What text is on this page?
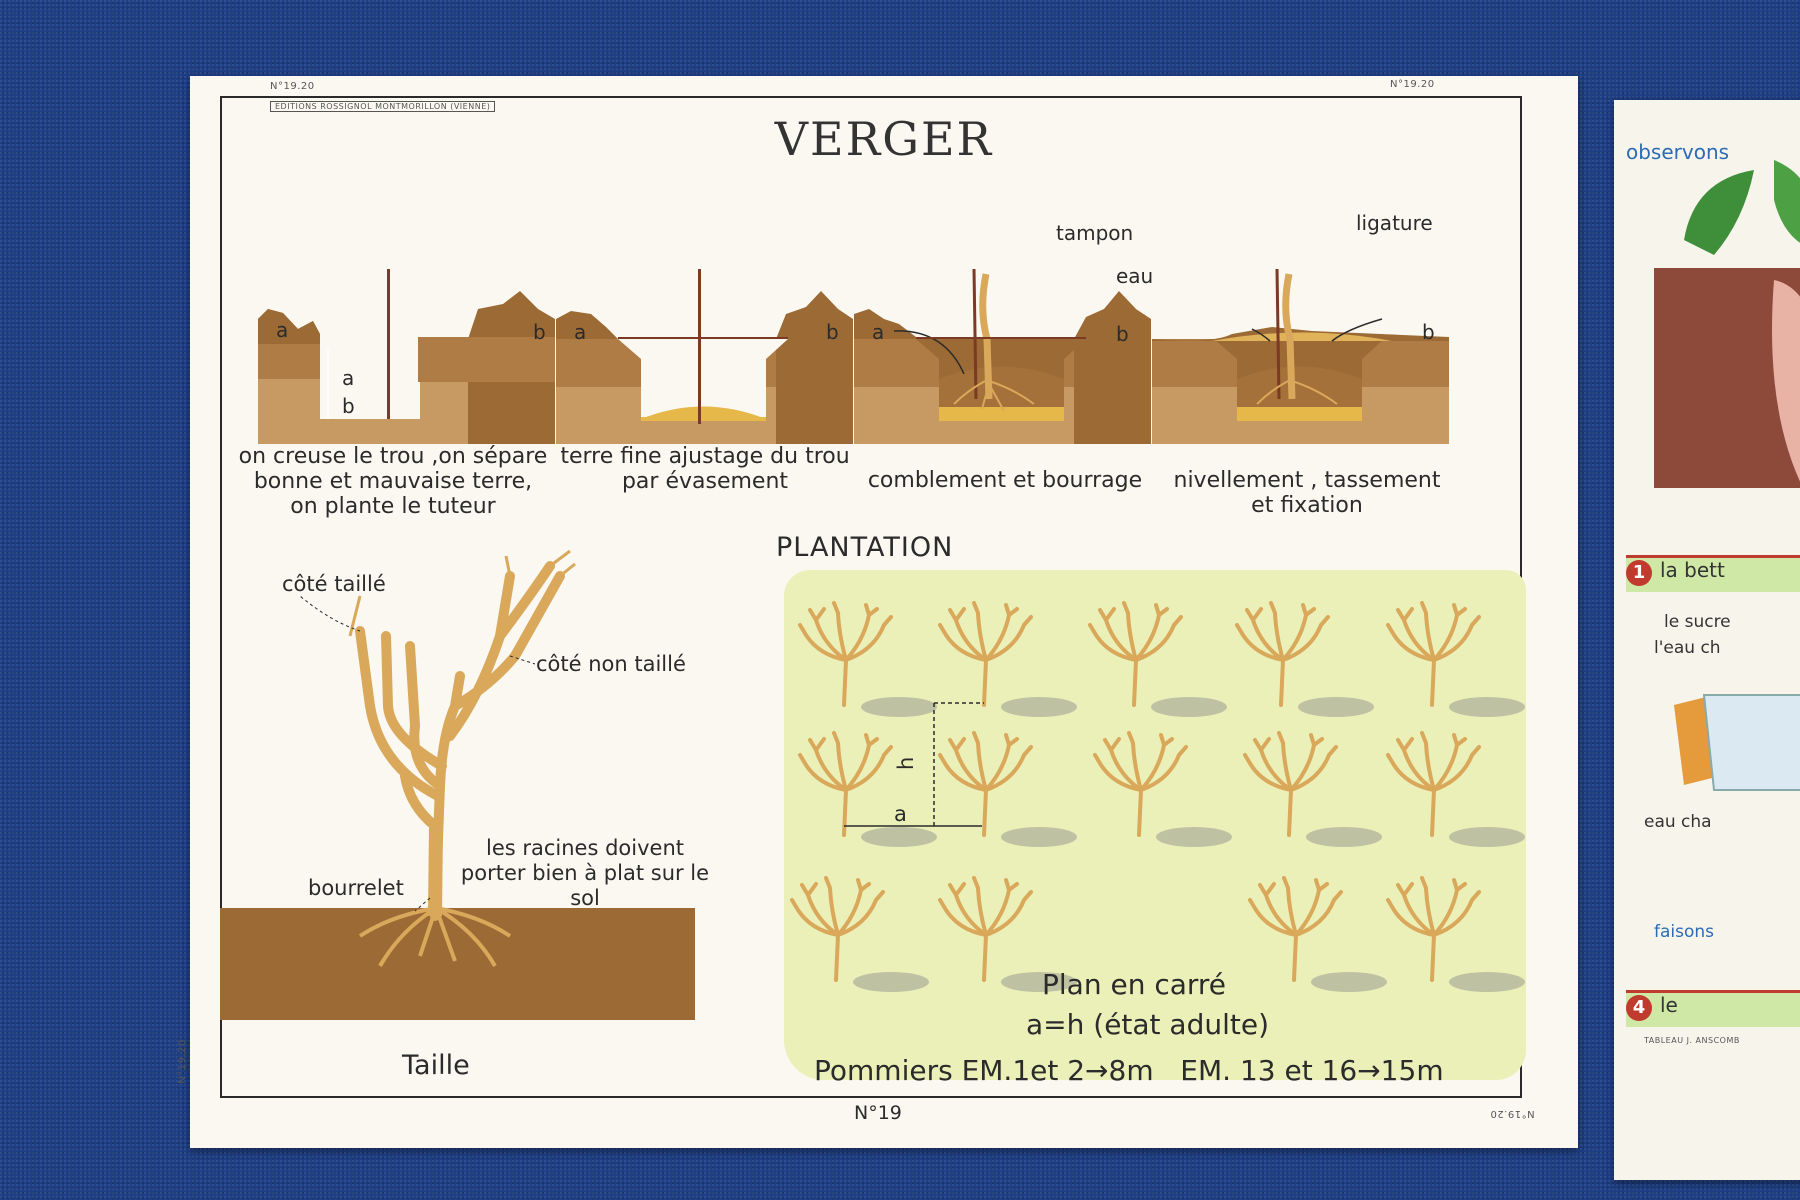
N°19.20	N°19.20
EDITIONS ROSSIGNOL MONTMORILLON (VIENNE)
VERGER
a	b
a
b
a	b a	b	b
tampon	ligature
eau
on creuse le trou ,on sépare bonne et mauvaise terre, on plante le tuteur
terre fine ajustage du trou par évasement	comblement et bourrage	nivellement , tassement et fixation
PLANTATION
côté taillé
côté non taillé
bourrelet
les racines doivent porter bien à plat sur le sol
Taille
h
a
Plan en carré
a=h (état adulte)
Pommiers EM.1et 2→8m   EM. 13 et 16→15m
N°19.20
N°19	N°19.20
observons
1 la bett
le sucre
l'eau ch
eau cha
faisons
4 le
TABLEAU J. ANSCOMB
